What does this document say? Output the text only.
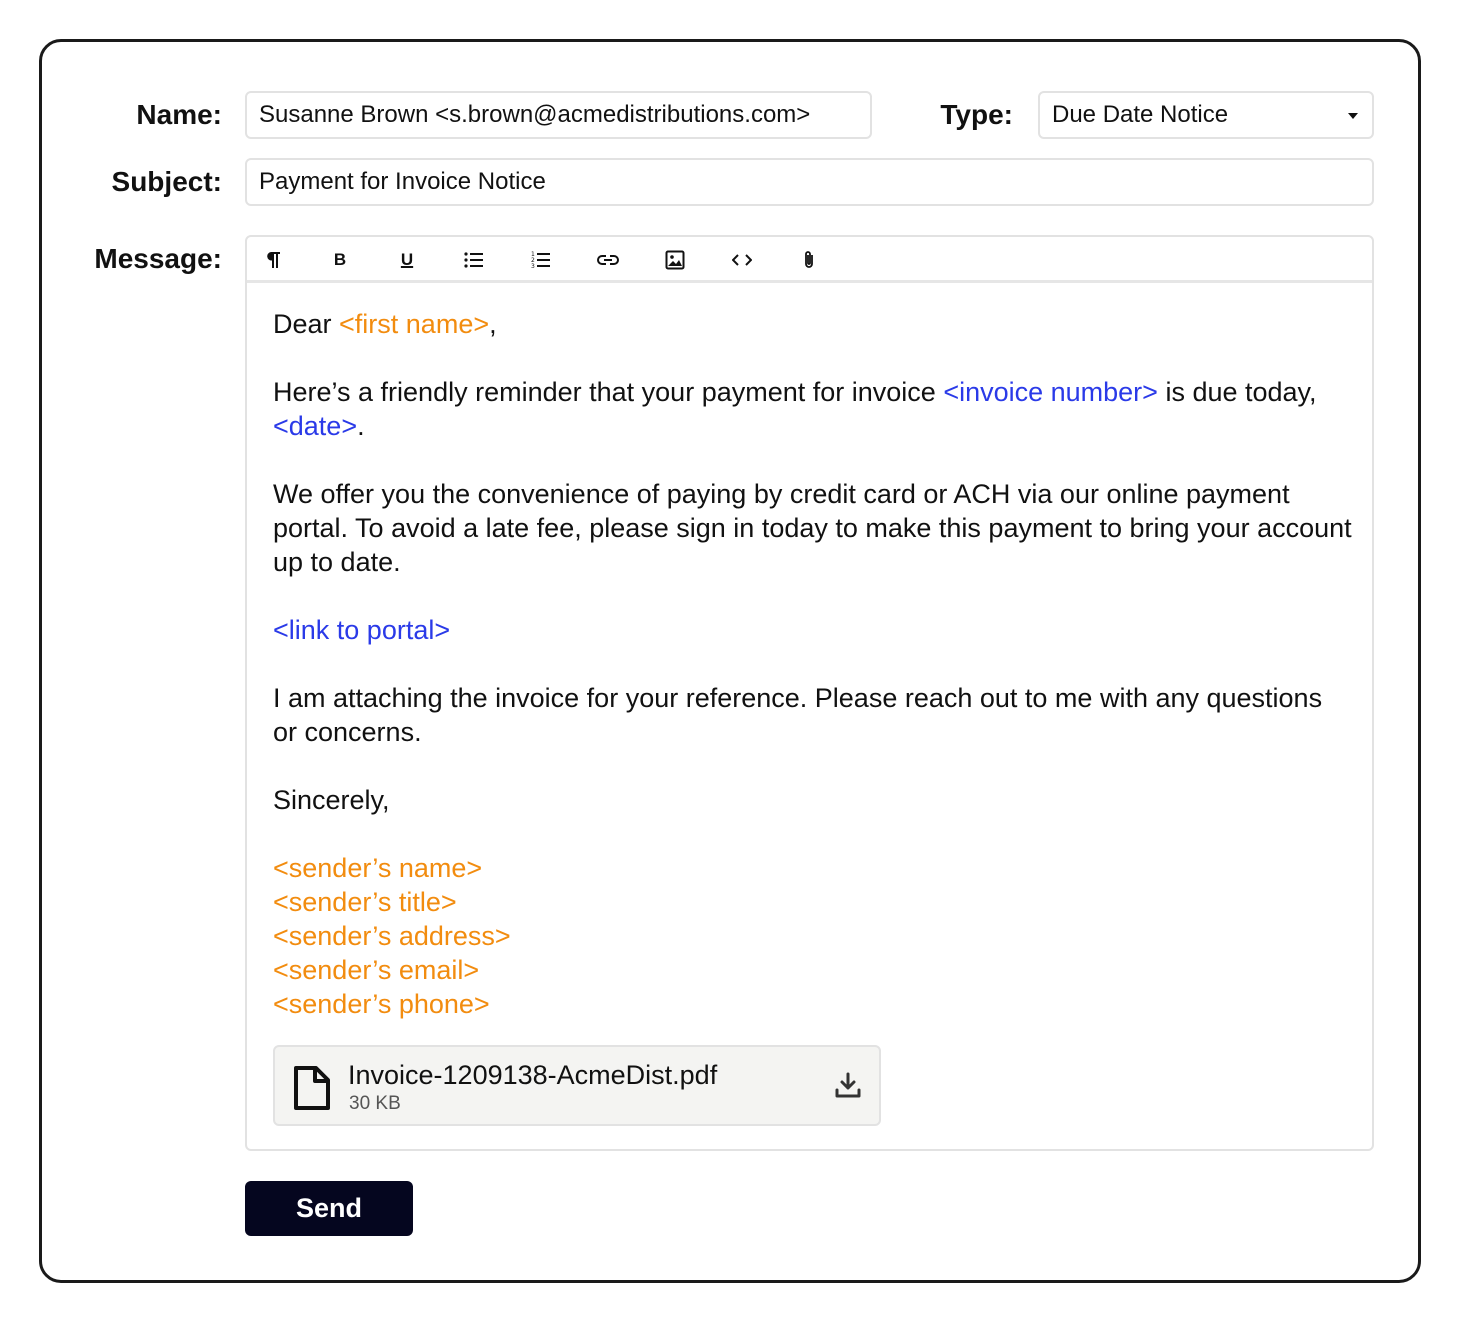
Name:	Susanne Brown <s.brown@acmedistributions.com>	Type:	Due Date Notice
Subject:	Payment for Invoice Notice
Message:	B	U	1
2
3

Dear <first name>,

Here’s a friendly reminder that your payment for invoice <invoice number> is due today, <date>.

We offer you the convenience of paying by credit card or ACH via our online payment portal. To avoid a late fee, please sign in today to make this payment to bring your account up to date.

<link to portal>

I am attaching the invoice for your reference. Please reach out to me with any questions or concerns.

Sincerely,

<sender’s name>

<sender’s title>

<sender’s address>

<sender’s email>

<sender’s phone>

Invoice-1209138-AcmeDist.pdf
30 KB
Send
